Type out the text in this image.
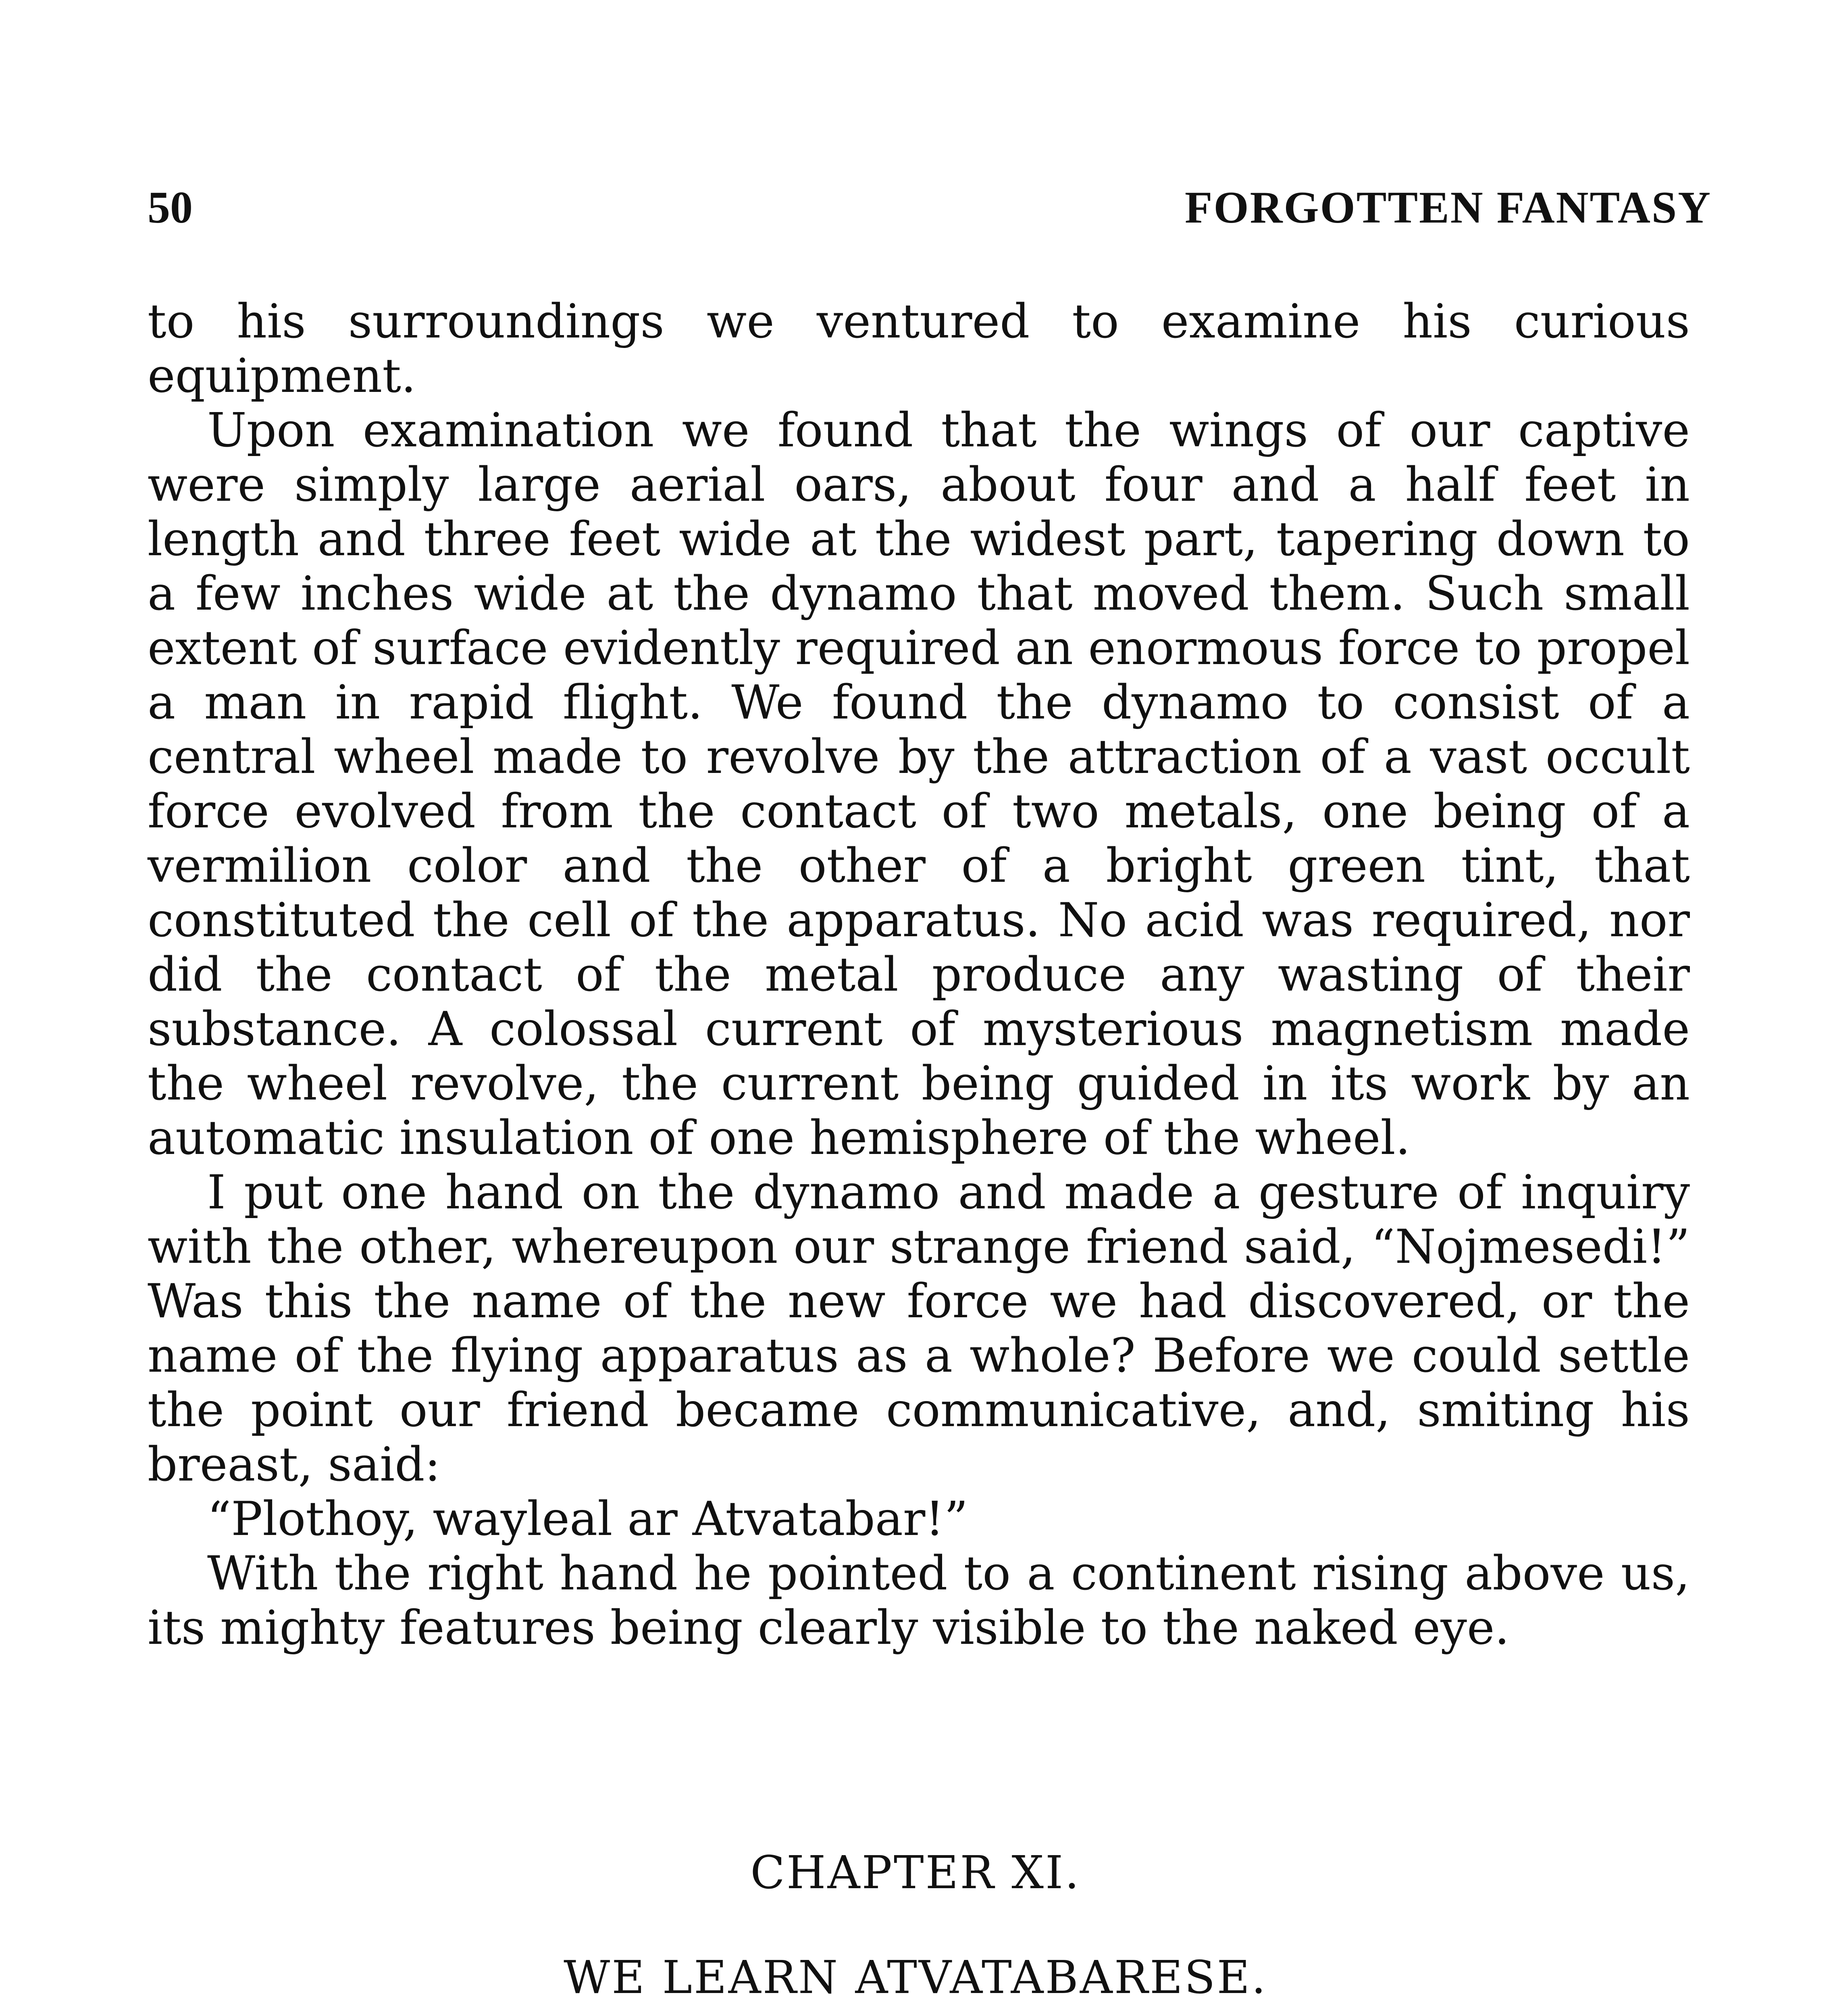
50	FORGOTTEN FANTASY

to his surroundings we ventured to examine his curious equipment.

Upon examination we found that the wings of our captive were simply large aerial oars, about four and a half feet in length and three feet wide at the widest part, tapering down to a few inches wide at the dynamo that moved them. Such small extent of surface evidently required an enormous force to propel a man in rapid flight. We found the dynamo to consist of a central wheel made to revolve by the attraction of a vast occult force evolved from the contact of two metals, one being of a vermilion color and the other of a bright green tint, that constituted the cell of the apparatus. No acid was required, nor did the contact of the metal produce any wasting of their substance. A colossal current of mysterious magnetism made the wheel revolve, the current being guided in its work by an automatic insulation of one hemisphere of the wheel.

I put one hand on the dynamo and made a gesture of inquiry with the other, whereupon our strange friend said, “Nojmesedi!” Was this the name of the new force we had discovered, or the name of the flying apparatus as a whole? Before we could settle the point our friend became communicative, and, smiting his breast, said:

“Plothoy, wayleal ar Atvatabar!”

With the right hand he pointed to a continent rising above us, its mighty features being clearly visible to the naked eye.

CHAPTER XI.
WE LEARN ATVATABARESE.
